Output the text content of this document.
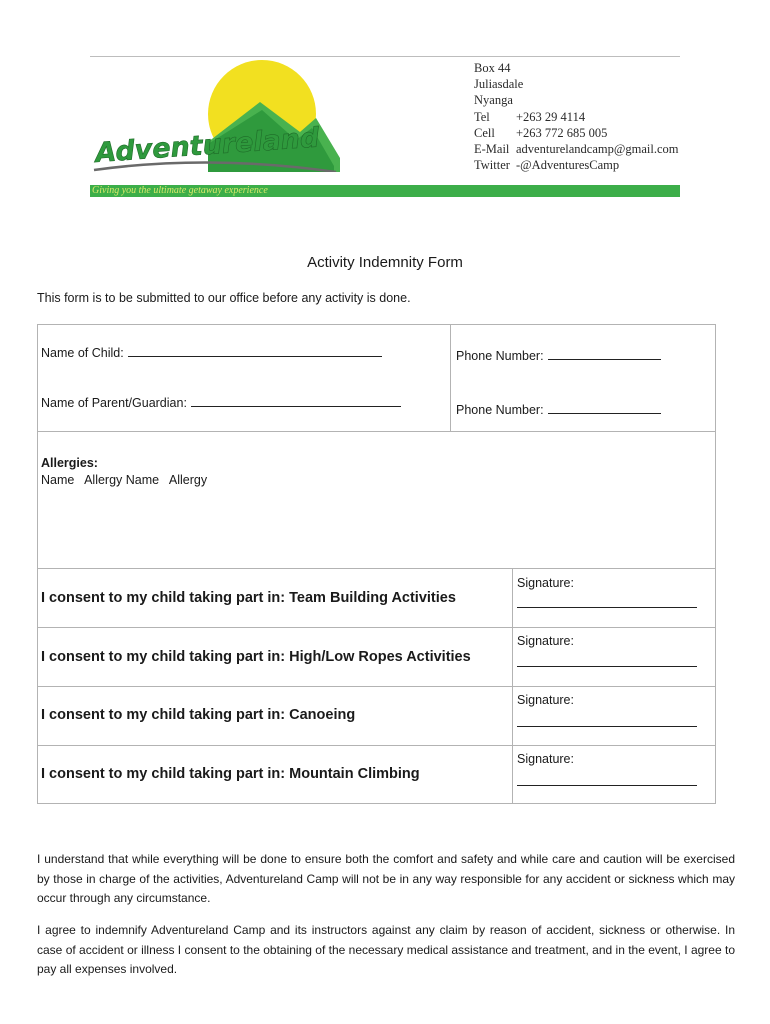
Adventureland
Box 44
Juliasdale
Nyanga
Tel	+263 29 4114
Cell	+263 772 685 005
E-Mail adventurelandcamp@gmail.com
Twitter -@AdventuresCamp
Giving you the ultimate getaway experience
Activity Indemnity Form
This form is to be submitted to our office before any activity is done.
Name of Child:	Phone Number:
Name of Parent/Guardian:	Phone Number:
Allergies:
Name Allergy Name Allergy
I consent to my child taking part in: Team Building Activities
Signature:
I consent to my child taking part in: High/Low Ropes Activities
Signature:
I consent to my child taking part in: Canoeing
Signature:
I consent to my child taking part in: Mountain Climbing
Signature:
I understand that while everything will be done to ensure both the comfort and safety and while care and caution will be exercised by those in charge of the activities, Adventureland Camp will not be in any way responsible for any accident or sickness which may occur through any circumstance.
I agree to indemnify Adventureland Camp and its instructors against any claim by reason of accident, sickness or otherwise. In case of accident or illness I consent to the obtaining of the necessary medical assistance and treatment, and in the event, I agree to pay all expenses involved.
